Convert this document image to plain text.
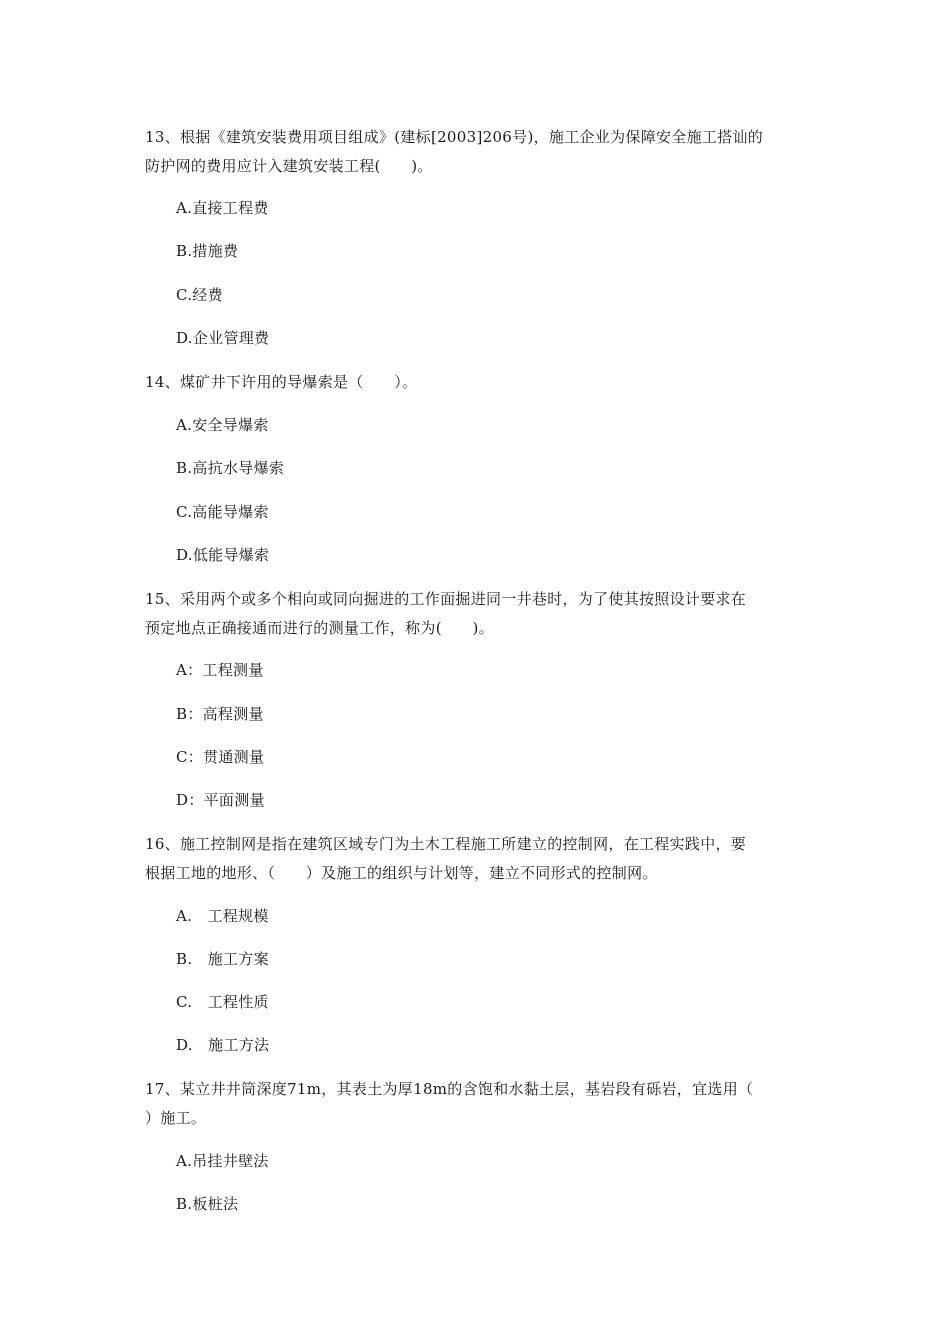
13、根据《建筑安装费用项目组成》(建标[2003]206号)，施工企业为保障安全施工搭讪的
防护网的费用应计入建筑安装工程(　　)。
A.直接工程费
B.措施费
C.经费
D.企业管理费
14、煤矿井下许用的导爆索是（　　）。
A.安全导爆索
B.高抗水导爆索
C.高能导爆索
D.低能导爆索
15、采用两个或多个相向或同向掘进的工作面掘进同一井巷时，为了使其按照设计要求在
预定地点正确接通而进行的测量工作，称为(　　)。
A：工程测量
B：高程测量
C：贯通测量
D：平面测量
16、施工控制网是指在建筑区域专门为土木工程施工所建立的控制网，在工程实践中，要
根据工地的地形、（　　）及施工的组织与计划等，建立不同形式的控制网。
A.　工程规模
B.　施工方案
C.　工程性质
D.　施工方法
17、某立井井筒深度71m，其表土为厚18m的含饱和水黏土层，基岩段有砾岩，宜选用（
）施工。
A.吊挂井壁法
B.板桩法
